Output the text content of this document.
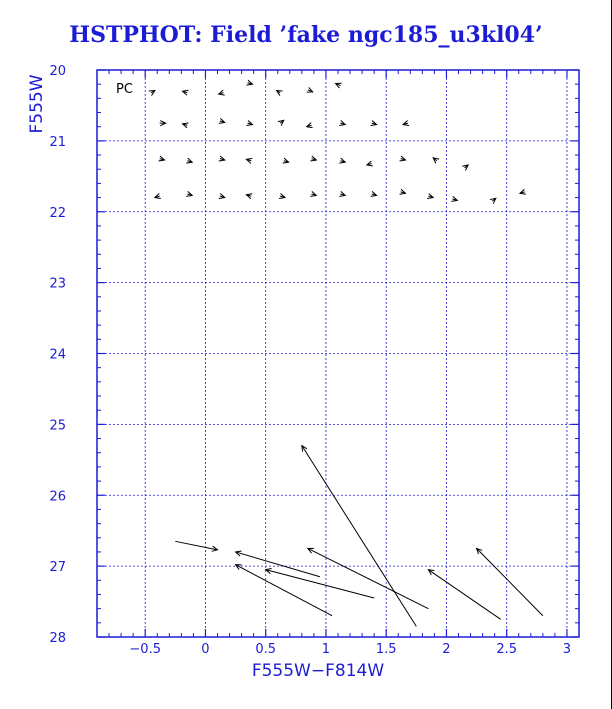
HSTPHOT: Field ’fake ngc185_u3kl04’
−0.5	0	0.5	1	1.5	2	2.5	3
20
21
22
23
24
25
26
27
28
PC
F555W−F814W
F555W
